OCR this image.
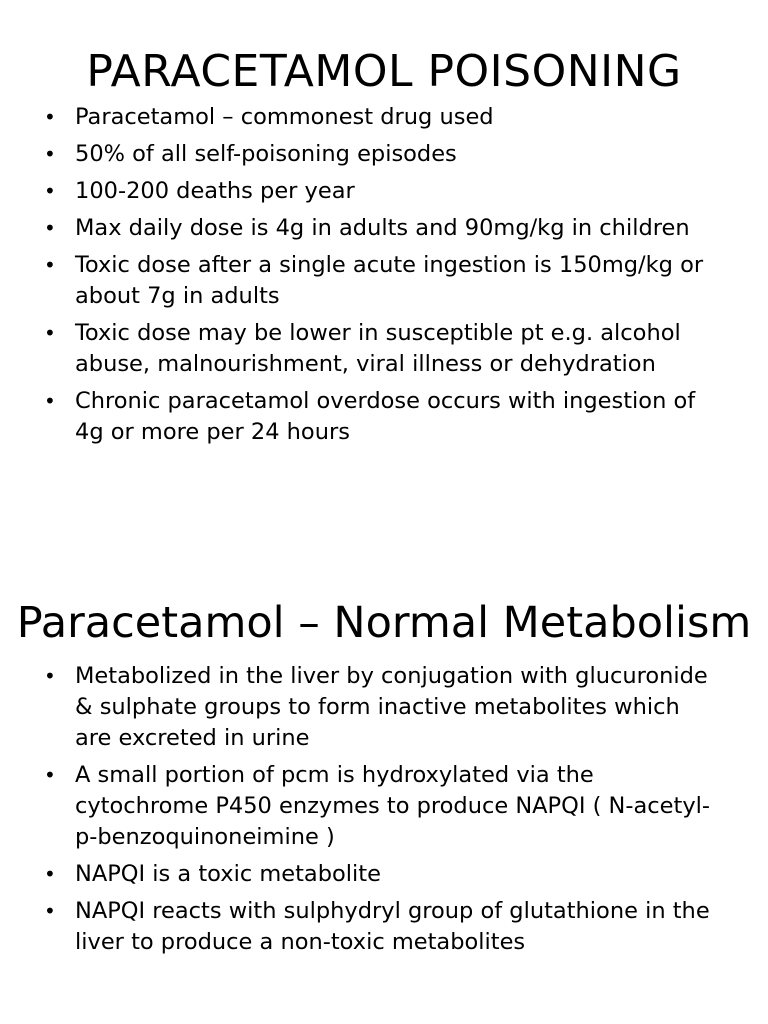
PARACETAMOL POISONING
• Paracetamol – commonest drug used
• 50% of all self-poisoning episodes
• 100-200 deaths per year
• Max daily dose is 4g in adults and 90mg/kg in children
• Toxic dose after a single acute ingestion is 150mg/kg or about 7g in adults
• Toxic dose may be lower in susceptible pt e.g. alcohol abuse, malnourishment, viral illness or dehydration
• Chronic paracetamol overdose occurs with ingestion of 4g or more per 24 hours
Paracetamol – Normal Metabolism
• Metabolized in the liver by conjugation with glucuronide & sulphate groups to form inactive metabolites which are excreted in urine
• A small portion of pcm is hydroxylated via the cytochrome P450 enzymes to produce NAPQI ( N-acetyl-p-benzoquinoneimine )
• NAPQI is a toxic metabolite
• NAPQI reacts with sulphydryl group of glutathione in the liver to produce a non-toxic metabolites
